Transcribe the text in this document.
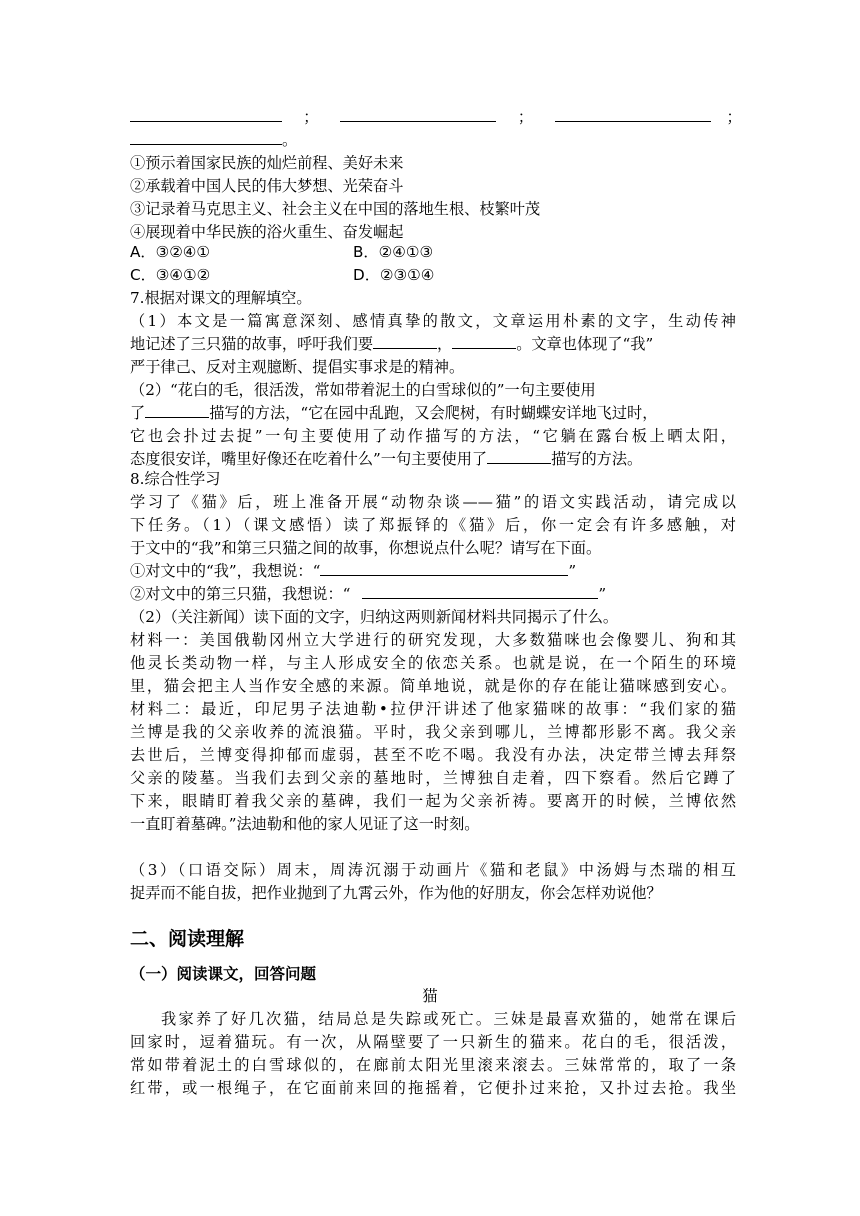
；	；	；
。
①预示着国家民族的灿烂前程、美好未来
②承载着中国人民的伟大梦想、光荣奋斗
③记录着马克思主义、社会主义在中国的落地生根、枝繁叶茂
④展现着中华民族的浴火重生、奋发崛起
A．③②④①	B．②④①③
C．③④①②	D．②③①④
7.根据对课文的理解填空。
（1）本文是一篇寓意深刻、感情真挚的散文，文章运用朴素的文字，生动传神
地记述了三只猫的故事，呼吁我们要	，	。文章也体现了“我”
严于律己、反对主观臆断、提倡实事求是的精神。
（2）“花白的毛，很活泼，常如带着泥土的白雪球似的”一句主要使用
了	描写的方法，“它在园中乱跑，又会爬树，有时蝴蝶安详地飞过时，
它也会扑过去捉”一句主要使用了动作描写的方法，“它躺在露台板上晒太阳，
态度很安详，嘴里好像还在吃着什么”一句主要使用了	描写的方法。
8.综合性学习
学习了《猫》后，班上准备开展“动物杂谈——猫”的语文实践活动，请完成以
下任务。（1）（课文感悟）读了郑振铎的《猫》后，你一定会有许多感触，对
于文中的“我”和第三只猫之间的故事，你想说点什么呢？请写在下面。
①对文中的“我”，我想说：“	”
②对文中的第三只猫，我想说：“	”
（2）（关注新闻）读下面的文字，归纳这两则新闻材料共同揭示了什么。
材料一：美国俄勒冈州立大学进行的研究发现，大多数猫咪也会像婴儿、狗和其
他灵长类动物一样，与主人形成安全的依恋关系。也就是说，在一个陌生的环境
里，猫会把主人当作安全感的来源。简单地说，就是你的存在能让猫咪感到安心。
材料二：最近，印尼男子法迪勒•拉伊汗讲述了他家猫咪的故事：“我们家的猫
兰博是我的父亲收养的流浪猫。平时，我父亲到哪儿，兰博都形影不离。我父亲
去世后，兰博变得抑郁而虚弱，甚至不吃不喝。我没有办法，决定带兰博去拜祭
父亲的陵墓。当我们去到父亲的墓地时，兰博独自走着，四下察看。然后它蹲了
下来，眼睛盯着我父亲的墓碑，我们一起为父亲祈祷。要离开的时候，兰博依然
一直盯着墓碑。”法迪勒和他的家人见证了这一时刻。
（3）（口语交际）周末，周涛沉溺于动画片《猫和老鼠》中汤姆与杰瑞的相互
捉弄而不能自拔，把作业抛到了九霄云外，作为他的好朋友，你会怎样劝说他？
二、阅读理解
（一）阅读课文，回答问题
猫
我家养了好几次猫，结局总是失踪或死亡。三妹是最喜欢猫的，她常在课后
回家时，逗着猫玩。有一次，从隔壁要了一只新生的猫来。花白的毛，很活泼，
常如带着泥土的白雪球似的，在廊前太阳光里滚来滚去。三妹常常的，取了一条
红带，或一根绳子，在它面前来回的拖摇着，它便扑过来抢，又扑过去抢。我坐
